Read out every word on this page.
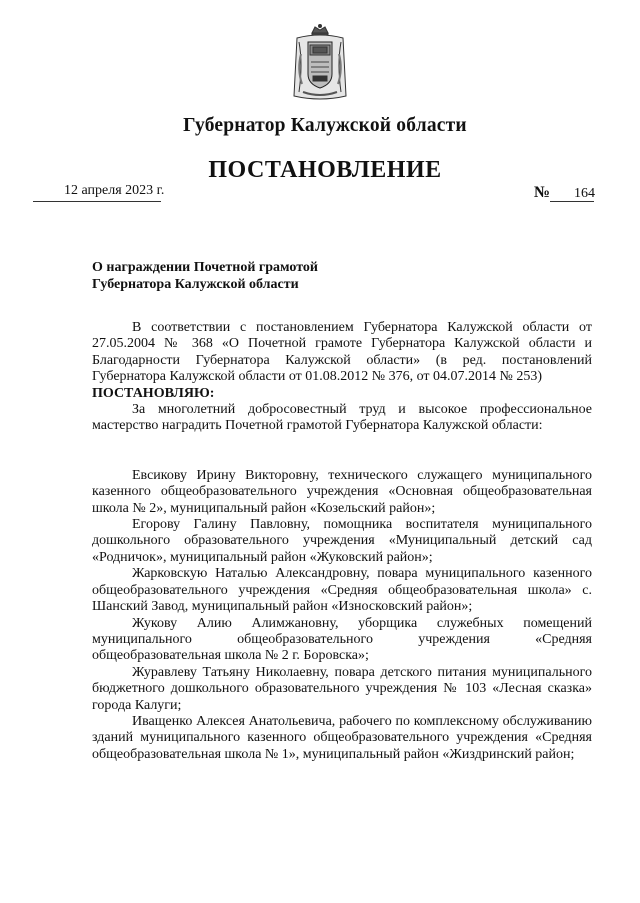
Губернатор Калужской области
ПОСТАНОВЛЕНИЕ
12 апреля 2023 г.	№ 164
О награждении Почетной грамотой
Губернатора Калужской области

В соответствии с постановлением Губернатора Калужской области от 27.05.2004 № 368 «О Почетной грамоте Губернатора Калужской области и Благодарности Губернатора Калужской области» (в ред. постановлений Губернатора Калужской области от 01.08.2012 № 376, от 04.07.2014 № 253)

ПОСТАНОВЛЯЮ:

За многолетний добросовестный труд и высокое профессиональное мастерство наградить Почетной грамотой Губернатора Калужской области:

Евсикову Ирину Викторовну, технического служащего муниципального казенного общеобразовательного учреждения «Основная общеобразовательная школа № 2», муниципальный район «Козельский район»;

Егорову Галину Павловну, помощника воспитателя муниципального дошкольного образовательного учреждения «Муниципальный детский сад «Родничок», муниципальный район «Жуковский район»;

Жарковскую Наталью Александровну, повара муниципального казенного общеобразовательного учреждения «Средняя общеобразовательная школа» с. Шанский Завод, муниципальный район «Износковский район»;

Жукову Алию Алимжановну, уборщика служебных помещений муниципального общеобразовательного учреждения «Средняя общеобразовательная школа № 2 г. Боровска»;

Журавлеву Татьяну Николаевну, повара детского питания муниципального бюджетного дошкольного образовательного учреждения № 103 «Лесная сказка» города Калуги;

Иващенко Алексея Анатольевича, рабочего по комплексному обслуживанию зданий муниципального казенного общеобразовательного учреждения «Средняя общеобразовательная школа № 1», муниципальный район «Жиздринский район;
